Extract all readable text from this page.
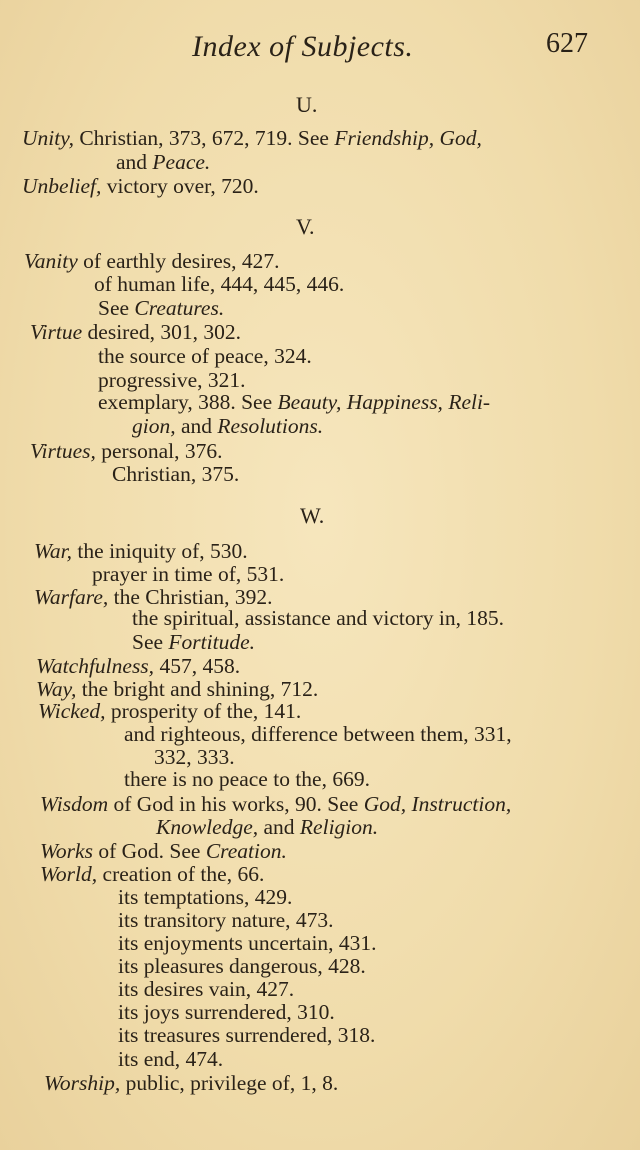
Index of Subjects.	627
U.
Unity, Christian, 373, 672, 719. See Friendship, God,
and Peace.
Unbelief, victory over, 720.
V.
Vanity of earthly desires, 427.
of human life, 444, 445, 446.
See Creatures.
Virtue desired, 301, 302.
the source of peace, 324.
progressive, 321.
exemplary, 388. See Beauty, Happiness, Reli-
gion, and Resolutions.
Virtues, personal, 376.
Christian, 375.
W.
War, the iniquity of, 530.
prayer in time of, 531.
Warfare, the Christian, 392.
the spiritual, assistance and victory in, 185.
See Fortitude.
Watchfulness, 457, 458.
Way, the bright and shining, 712.
Wicked, prosperity of the, 141.
and righteous, difference between them, 331,
332, 333.
there is no peace to the, 669.
Wisdom of God in his works, 90. See God, Instruction,
Knowledge, and Religion.
Works of God. See Creation.
World, creation of the, 66.
its temptations, 429.
its transitory nature, 473.
its enjoyments uncertain, 431.
its pleasures dangerous, 428.
its desires vain, 427.
its joys surrendered, 310.
its treasures surrendered, 318.
its end, 474.
Worship, public, privilege of, 1, 8.
